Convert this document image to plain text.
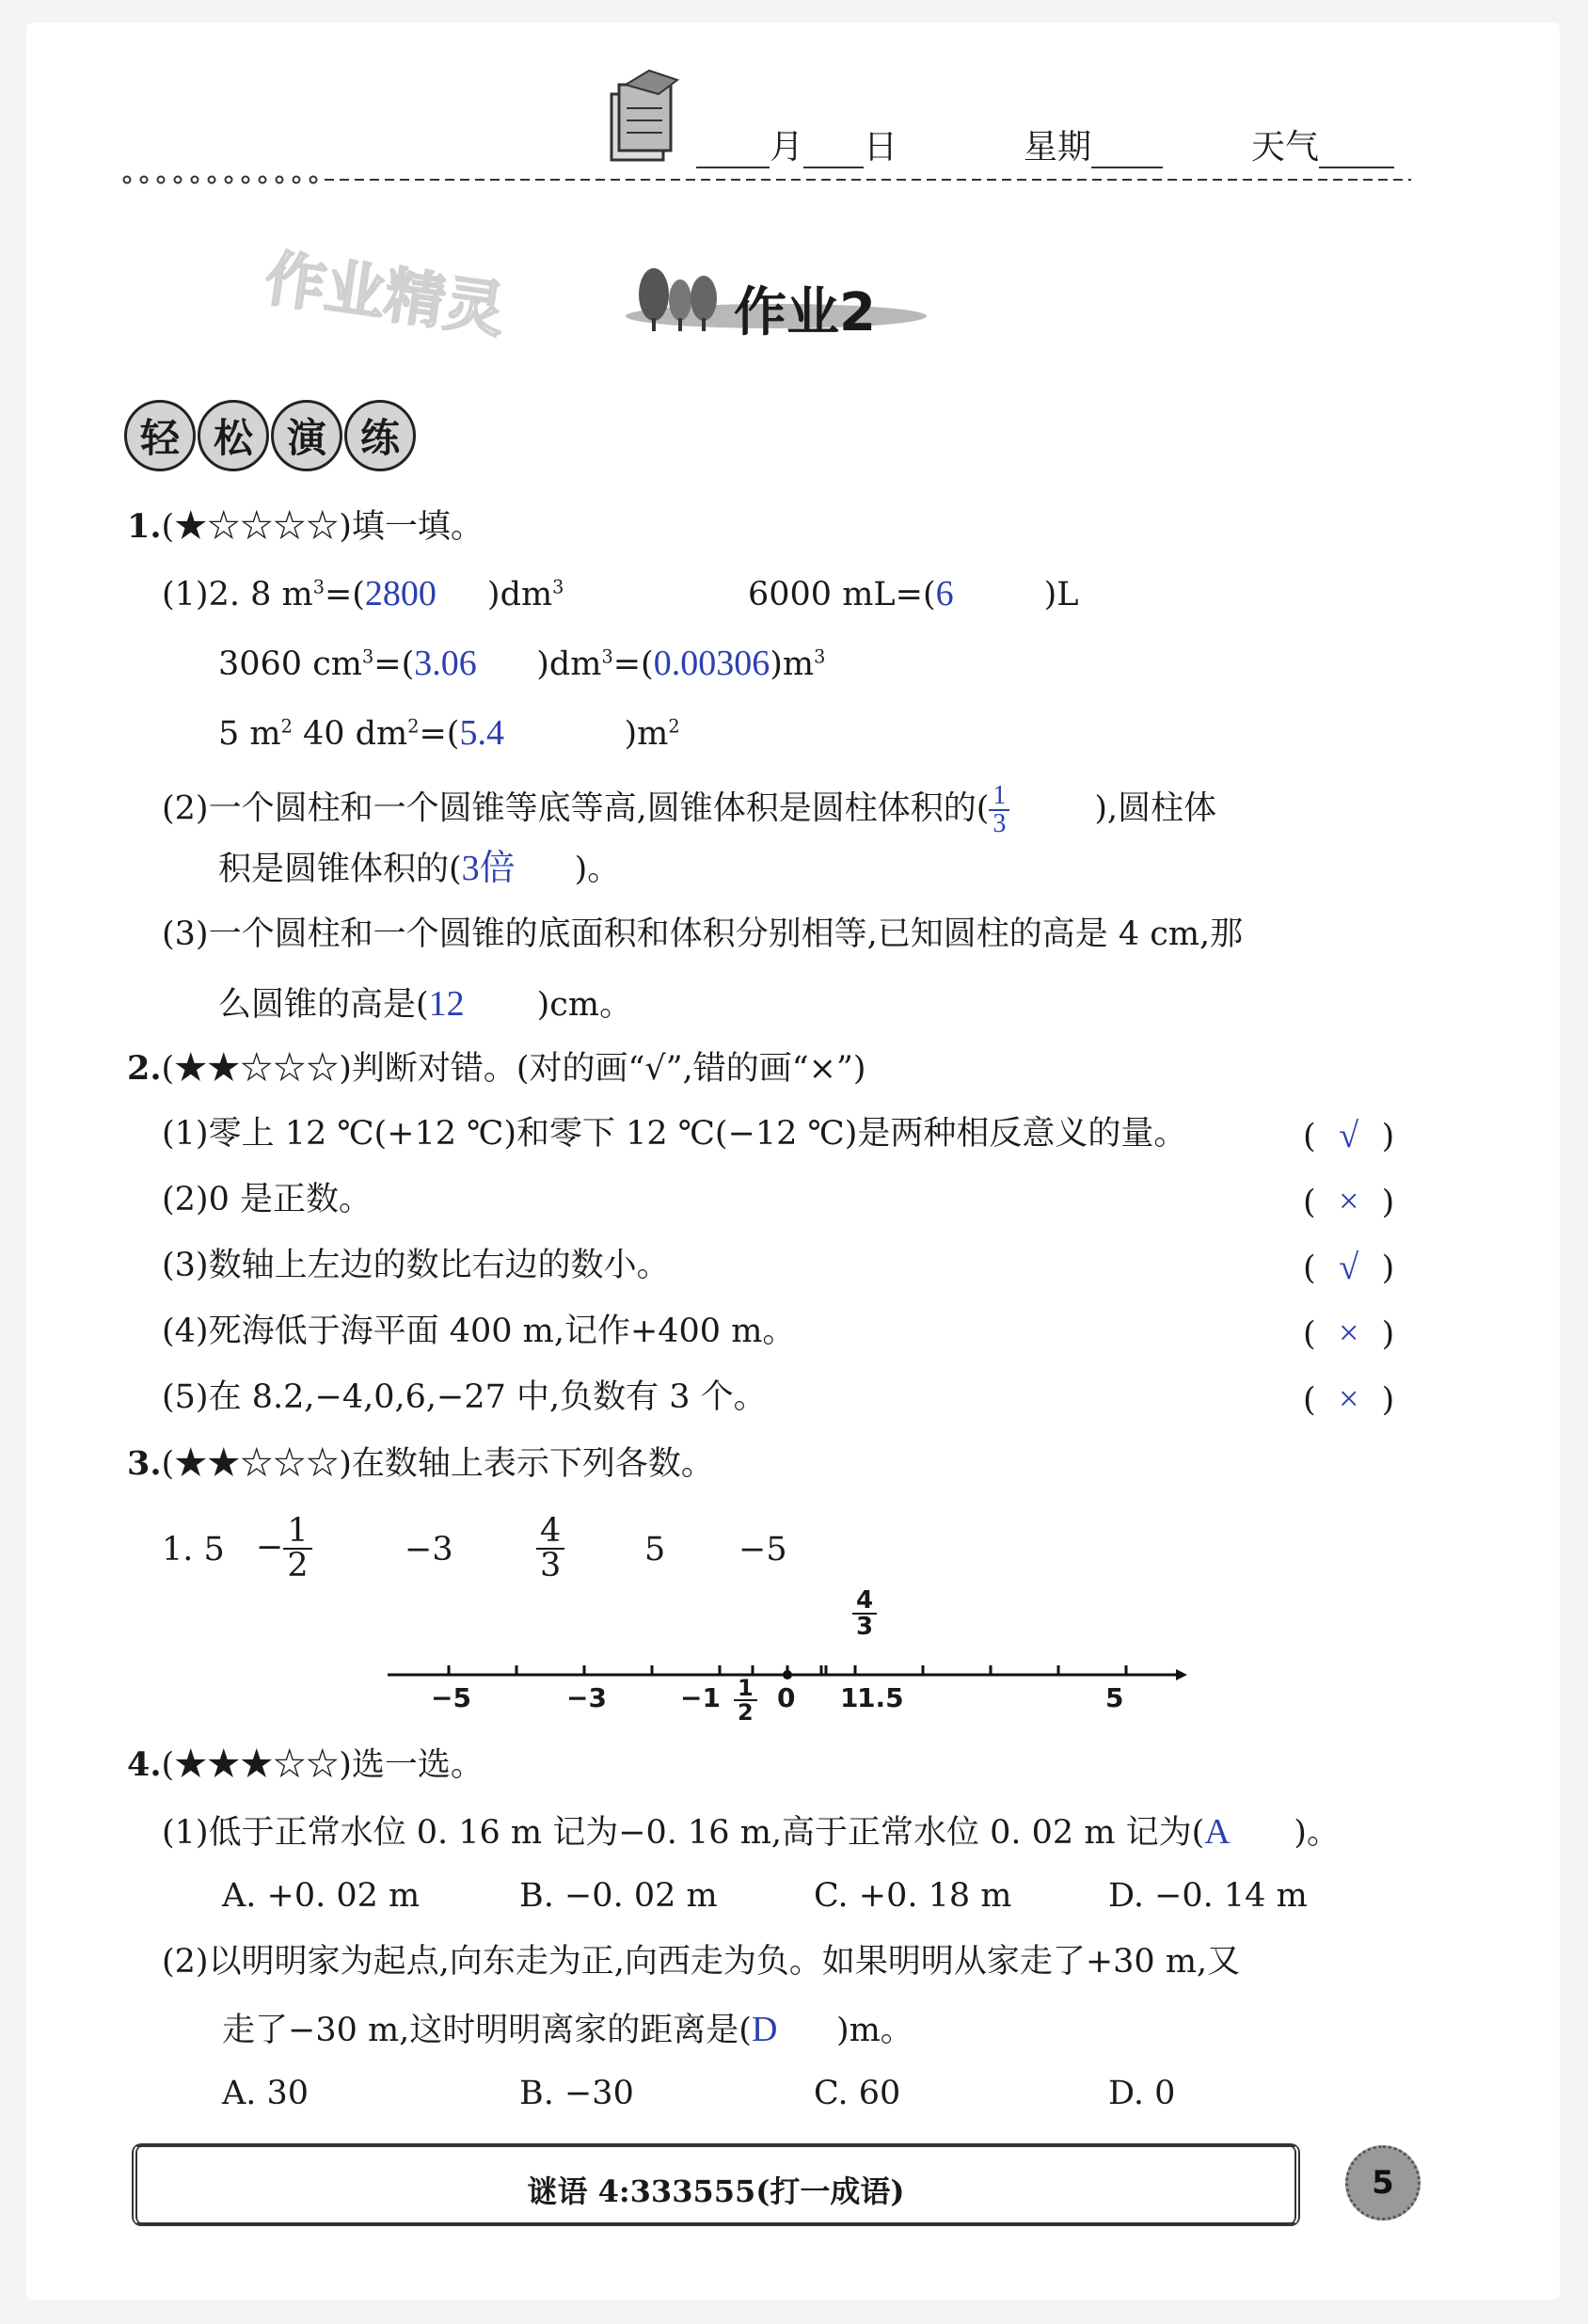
月 日	星期	天气
作业精灵	作业2
轻 松 演 练
1.(★☆☆☆☆)填一填。
(1)2. 8 $m^3=(2800$ )$dm^3$	6000 mL=(6	)L
3060 $cm^3=(3.06$ )$dm^3=(0.00306)m^3$
5 $m^2$ 40 $dm^2=(5.4$	)$m^2$
(2)一个圆柱和一个圆锥等底等高,圆锥体积是圆柱体积的( $\frac{1}{3}$	),圆柱体
积是圆锥体积的(3倍 )。
(3)一个圆柱和一个圆锥的底面积和体积分别相等,已知圆柱的高是 4 cm,那
么圆锥的高是(12 )cm。
2.(★★☆☆☆)判断对错。(对的画“√”,错的画“×”)
(1)零上 12 ℃(+12 ℃)和零下 12 ℃(−12 ℃)是两种相反意义的量。	( √ )
(2)0 是正数。	( × )
(3)数轴上左边的数比右边的数小。	( √ )
(4)死海低于海平面 400 m,记作+400 m。	( × )
(5)在 8.2,−4,0,6,−27 中,负数有 3 个。	( × )
3.(★★☆☆☆)在数轴上表示下列各数。
1. $5 - \frac{1}{2}$	−3	$\frac{4}{3} 5 -5$
−5	−3	$-1 \frac{1}{2} 0$ 1
1.5	5
$\frac{4}{3}$
4.(★★★☆☆)选一选。
(1)低于正常水位 0. 16 m 记为−0. 16 m,高于正常水位 0. 02 m 记为(A )。
A. +0. 02 m	B. −0. 02 m	C. +0. 18 m	D. −0. 14 m
(2)以明明家为起点,向东走为正,向西走为负。如果明明从家走了+30 m,又
走了−30 m,这时明明离家的距离是(D )m。
A. 30	B. −30	C. 60	D. 0
谜语 4:333555(打一成语)	5
